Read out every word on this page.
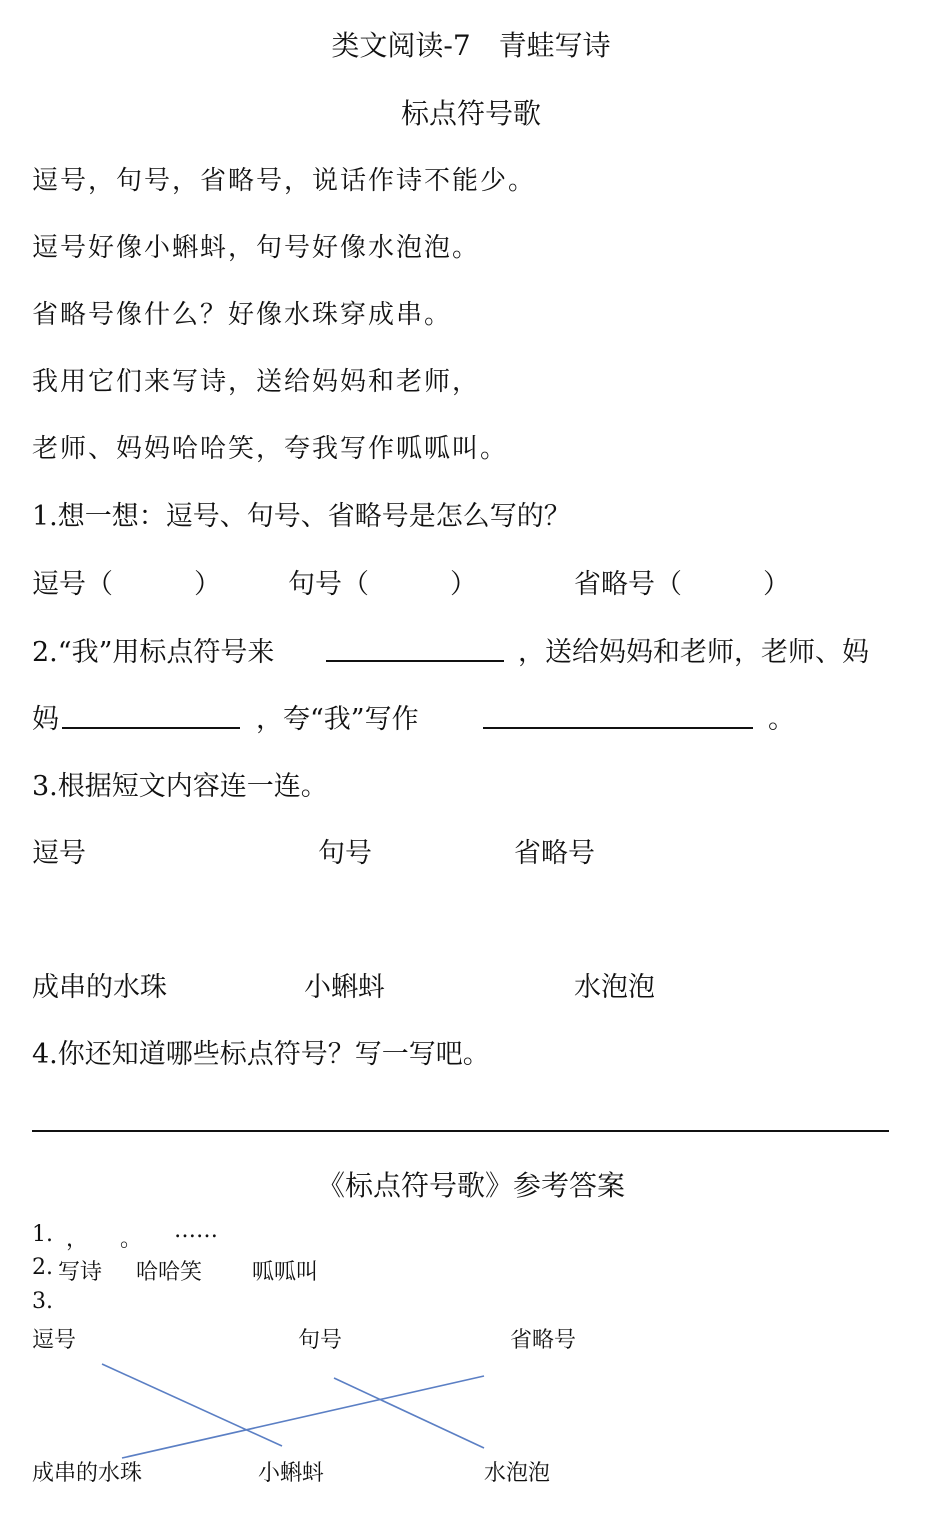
类文阅读-7　青蛙写诗
标点符号歌
逗号，句号，省略号，说话作诗不能少。
逗号好像小蝌蚪，句号好像水泡泡。
省略号像什么？好像水珠穿成串。
我用它们来写诗，送给妈妈和老师，
老师、妈妈哈哈笑，夸我写作呱呱叫。
1.想一想：逗号、句号、省略号是怎么写的？
逗号（　　　） 句号（　　　）	省略号（　　　）
2.“我”用标点符号来	，送给妈妈和老师，老师、妈
妈	，夸“我”写作	。
3.根据短文内容连一连。
逗号	句号	省略号
成串的水珠	小蝌蚪	水泡泡
4.你还知道哪些标点符号？写一写吧。
《标点符号歌》参考答案
1. ， 。 ……
2. 写诗 哈哈笑 呱呱叫
3.
逗号	句号	省略号
成串的水珠	小蝌蚪	水泡泡
